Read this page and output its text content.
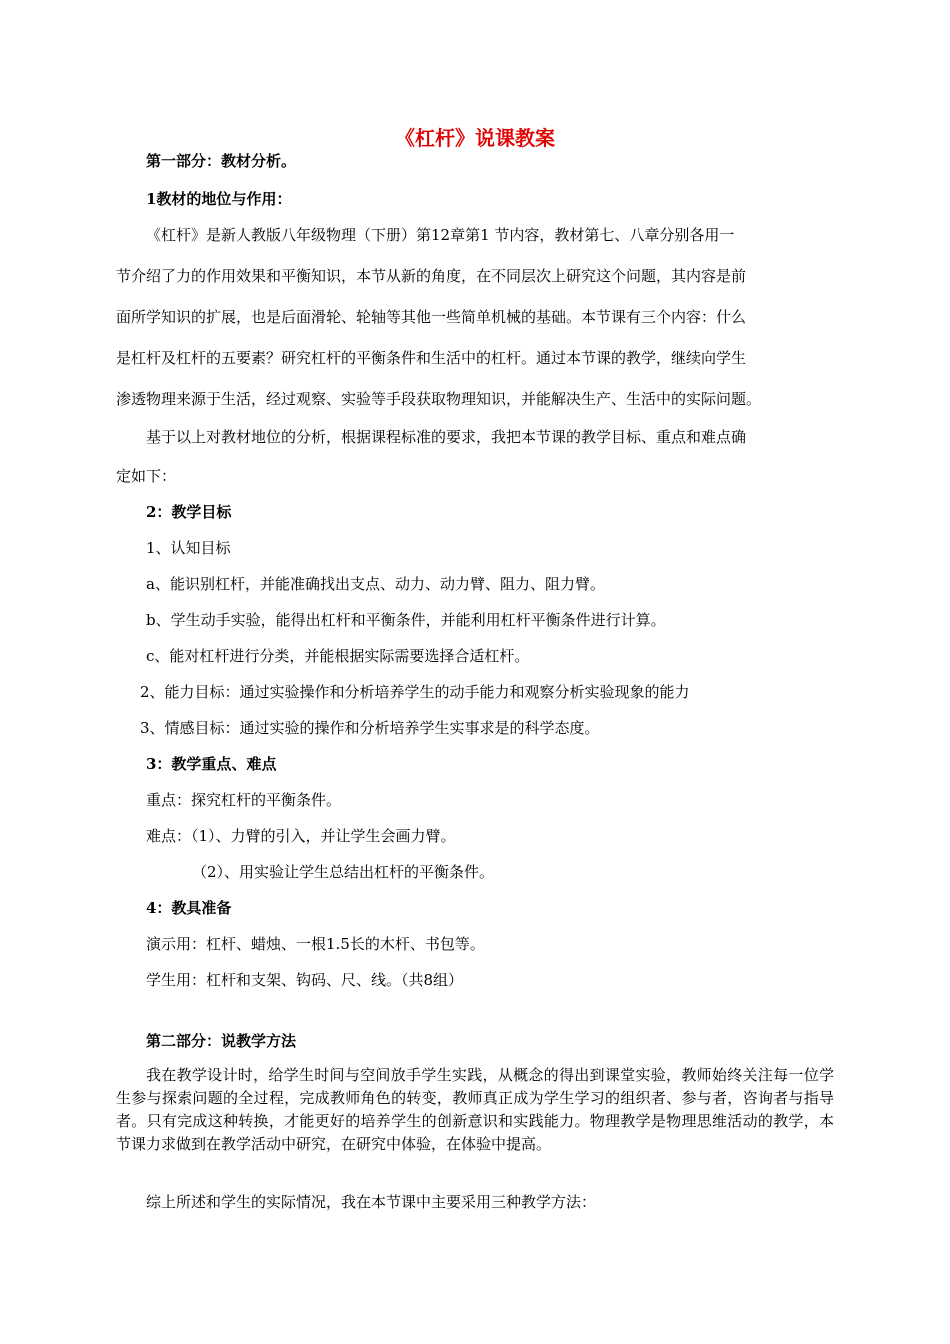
《杠杆》说课教案
第一部分：教材分析。
1教材的地位与作用：
《杠杆》是新人教版八年级物理（下册）第12章第1 节内容，教材第七、八章分别各用一
节介绍了力的作用效果和平衡知识，本节从新的角度，在不同层次上研究这个问题，其内容是前
面所学知识的扩展，也是后面滑轮、轮轴等其他一些简单机械的基础。本节课有三个内容：什么
是杠杆及杠杆的五要素？研究杠杆的平衡条件和生活中的杠杆。通过本节课的教学，继续向学生
渗透物理来源于生活，经过观察、实验等手段获取物理知识，并能解决生产、生活中的实际问题。
基于以上对教材地位的分析，根据课程标准的要求，我把本节课的教学目标、重点和难点确
定如下：
2：教学目标
1、认知目标
a、能识别杠杆，并能准确找出支点、动力、动力臂、阻力、阻力臂。
b、学生动手实验，能得出杠杆和平衡条件，并能利用杠杆平衡条件进行计算。
c、能对杠杆进行分类，并能根据实际需要选择合适杠杆。
2、能力目标：通过实验操作和分析培养学生的动手能力和观察分析实验现象的能力
3、情感目标：通过实验的操作和分析培养学生实事求是的科学态度。
3：教学重点、难点
重点：探究杠杆的平衡条件。
难点：（1）、力臂的引入，并让学生会画力臂。
（2）、用实验让学生总结出杠杆的平衡条件。
4：教具准备
演示用：杠杆、蜡烛、一根1.5长的木杆、书包等。
学生用：杠杆和支架、钩码、尺、线。（共8组）
第二部分：说教学方法
我在教学设计时，给学生时间与空间放手学生实践，从概念的得出到课堂实验，教师始终关注每一位学生参与探索问题的全过程，完成教师角色的转变，教师真正成为学生学习的组织者、参与者，咨询者与指导者。只有完成这种转换，才能更好的培养学生的创新意识和实践能力。物理教学是物理思维活动的教学，本节课力求做到在教学活动中研究，在研究中体验，在体验中提高。
综上所述和学生的实际情况，我在本节课中主要采用三种教学方法：
